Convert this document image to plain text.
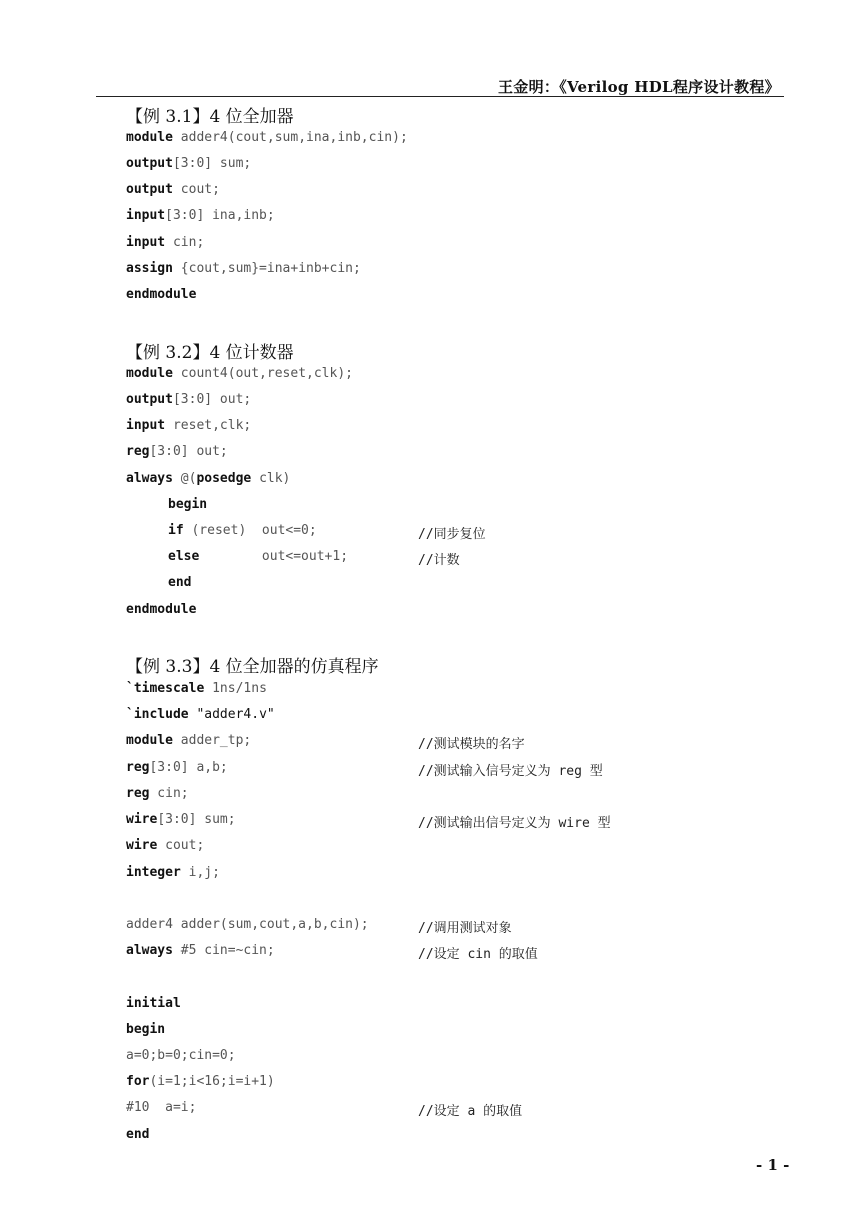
王金明：《Verilog HDL程序设计教程》
【例 3.1】4 位全加器
module adder4(cout,sum,ina,inb,cin);
output[3:0] sum;
output cout;
input[3:0] ina,inb;
input cin;
assign {cout,sum}=ina+inb+cin;
endmodule
【例 3.2】4 位计数器
module count4(out,reset,clk);
output[3:0] out;
input reset,clk;
reg[3:0] out;
always @(posedge clk)
begin
if (reset)  out<=0;	//同步复位
else        out<=out+1;	//计数
end
endmodule
【例 3.3】4 位全加器的仿真程序
`timescale 1ns/1ns
`include "adder4.v"
module adder_tp;	//测试模块的名字
reg[3:0] a,b;	//测试输入信号定义为 reg 型
reg cin;
wire[3:0] sum;	//测试输出信号定义为 wire 型
wire cout;
integer i,j;
adder4 adder(sum,cout,a,b,cin);	//调用测试对象
always #5 cin=~cin;	//设定 cin 的取值
initial
begin
a=0;b=0;cin=0;
for(i=1;i<16;i=i+1)
#10  a=i;	//设定 a 的取值
end
- 1 -
